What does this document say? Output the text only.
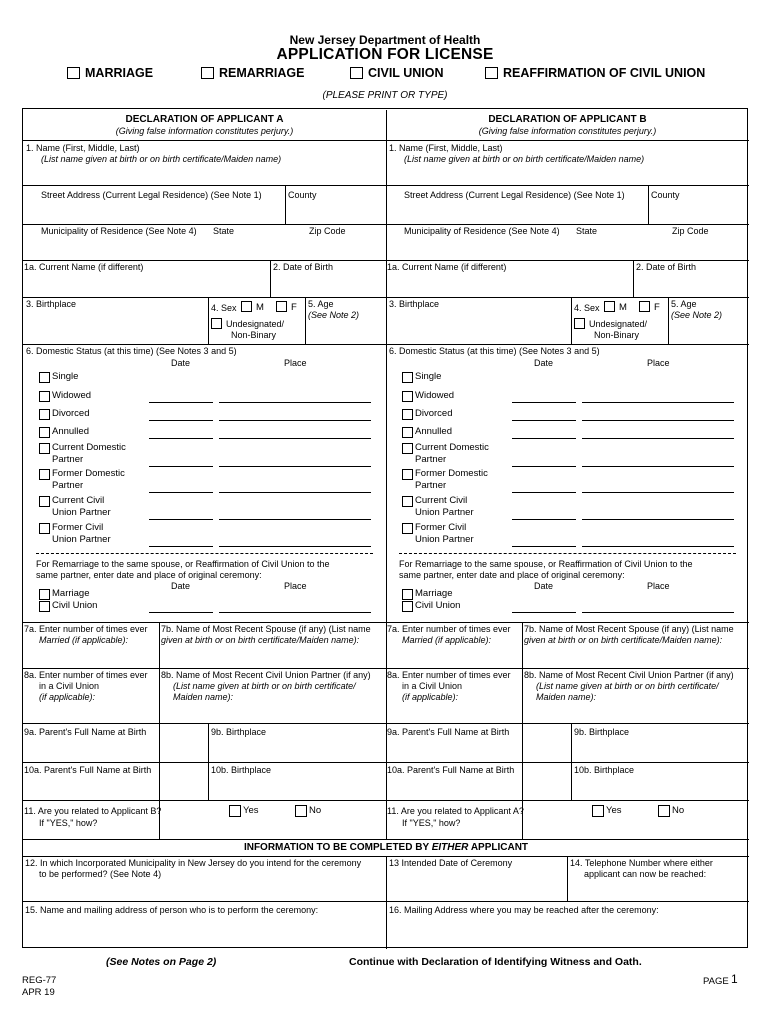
New Jersey Department of Health
APPLICATION FOR LICENSE
MARRIAGE	REMARRIAGE	CIVIL UNION	REAFFIRMATION OF CIVIL UNION
(PLEASE PRINT OR TYPE)
DECLARATION OF APPLICANT A
(Giving false information constitutes perjury.)
1. Name (First, Middle, Last)
(List name given at birth or on birth certificate/Maiden name)
Street Address (Current Legal Residence) (See Note 1)	County
Municipality of Residence (See Note 4) State	Zip Code
1a. Current Name (if different)	2. Date of Birth
3. Birthplace	4. Sex M	F
Undesignated/
Non-Binary
5. Age
(See Note 2)
6. Domestic Status (at this time) (See Notes 3 and 5)
Date	Place
Single
Widowed
Divorced
Annulled
Current Domestic
Partner
Former Domestic
Partner
Current Civil
Union Partner
Former Civil
Union Partner
For Remarriage to the same spouse, or Reaffirmation of Civil Union to the
same partner, enter date and place of original ceremony:
Date	Place
Marriage
Civil Union
7a. Enter number of times ever
Married (if applicable):
7b. Name of Most Recent Spouse (if any) (List name
given at birth or on birth certificate/Maiden name):
8a. Enter number of times ever
in a Civil Union
(if applicable):
8b. Name of Most Recent Civil Union Partner (if any)
(List name given at birth or on birth certificate/
Maiden name):
9a. Parent's Full Name at Birth	9b. Birthplace
10a. Parent's Full Name at Birth	10b. Birthplace
11. Are you related to Applicant B?
If "YES," how?
Yes	No
DECLARATION OF APPLICANT B
(Giving false information constitutes perjury.)
1. Name (First, Middle, Last)
(List name given at birth or on birth certificate/Maiden name)
Street Address (Current Legal Residence) (See Note 1)	County
Municipality of Residence (See Note 4) State	Zip Code
1a. Current Name (if different)	2. Date of Birth
3. Birthplace	4. Sex M	F
Undesignated/
Non-Binary
5. Age
(See Note 2)
6. Domestic Status (at this time) (See Notes 3 and 5)
Date	Place
Single
Widowed
Divorced
Annulled
Current Domestic
Partner
Former Domestic
Partner
Current Civil
Union Partner
Former Civil
Union Partner
For Remarriage to the same spouse, or Reaffirmation of Civil Union to the
same partner, enter date and place of original ceremony:
Date	Place
Marriage
Civil Union
7a. Enter number of times ever
Married (if applicable):
7b. Name of Most Recent Spouse (if any) (List name
given at birth or on birth certificate/Maiden name):
8a. Enter number of times ever
in a Civil Union
(if applicable):
8b. Name of Most Recent Civil Union Partner (if any)
(List name given at birth or on birth certificate/
Maiden name):
9a. Parent's Full Name at Birth	9b. Birthplace
10a. Parent's Full Name at Birth	10b. Birthplace
11. Are you related to Applicant A?
If "YES," how?
Yes	No
INFORMATION TO BE COMPLETED BY EITHER APPLICANT
12. In which Incorporated Municipality in New Jersey do you intend for the ceremony
to be performed? (See Note 4)
13 Intended Date of Ceremony	14. Telephone Number where either
applicant can now be reached:
15. Name and mailing address of person who is to perform the ceremony:	16. Mailing Address where you may be reached after the ceremony:
(See Notes on Page 2)	Continue with Declaration of Identifying Witness and Oath.
REG-77
APR 19
PAGE 1
